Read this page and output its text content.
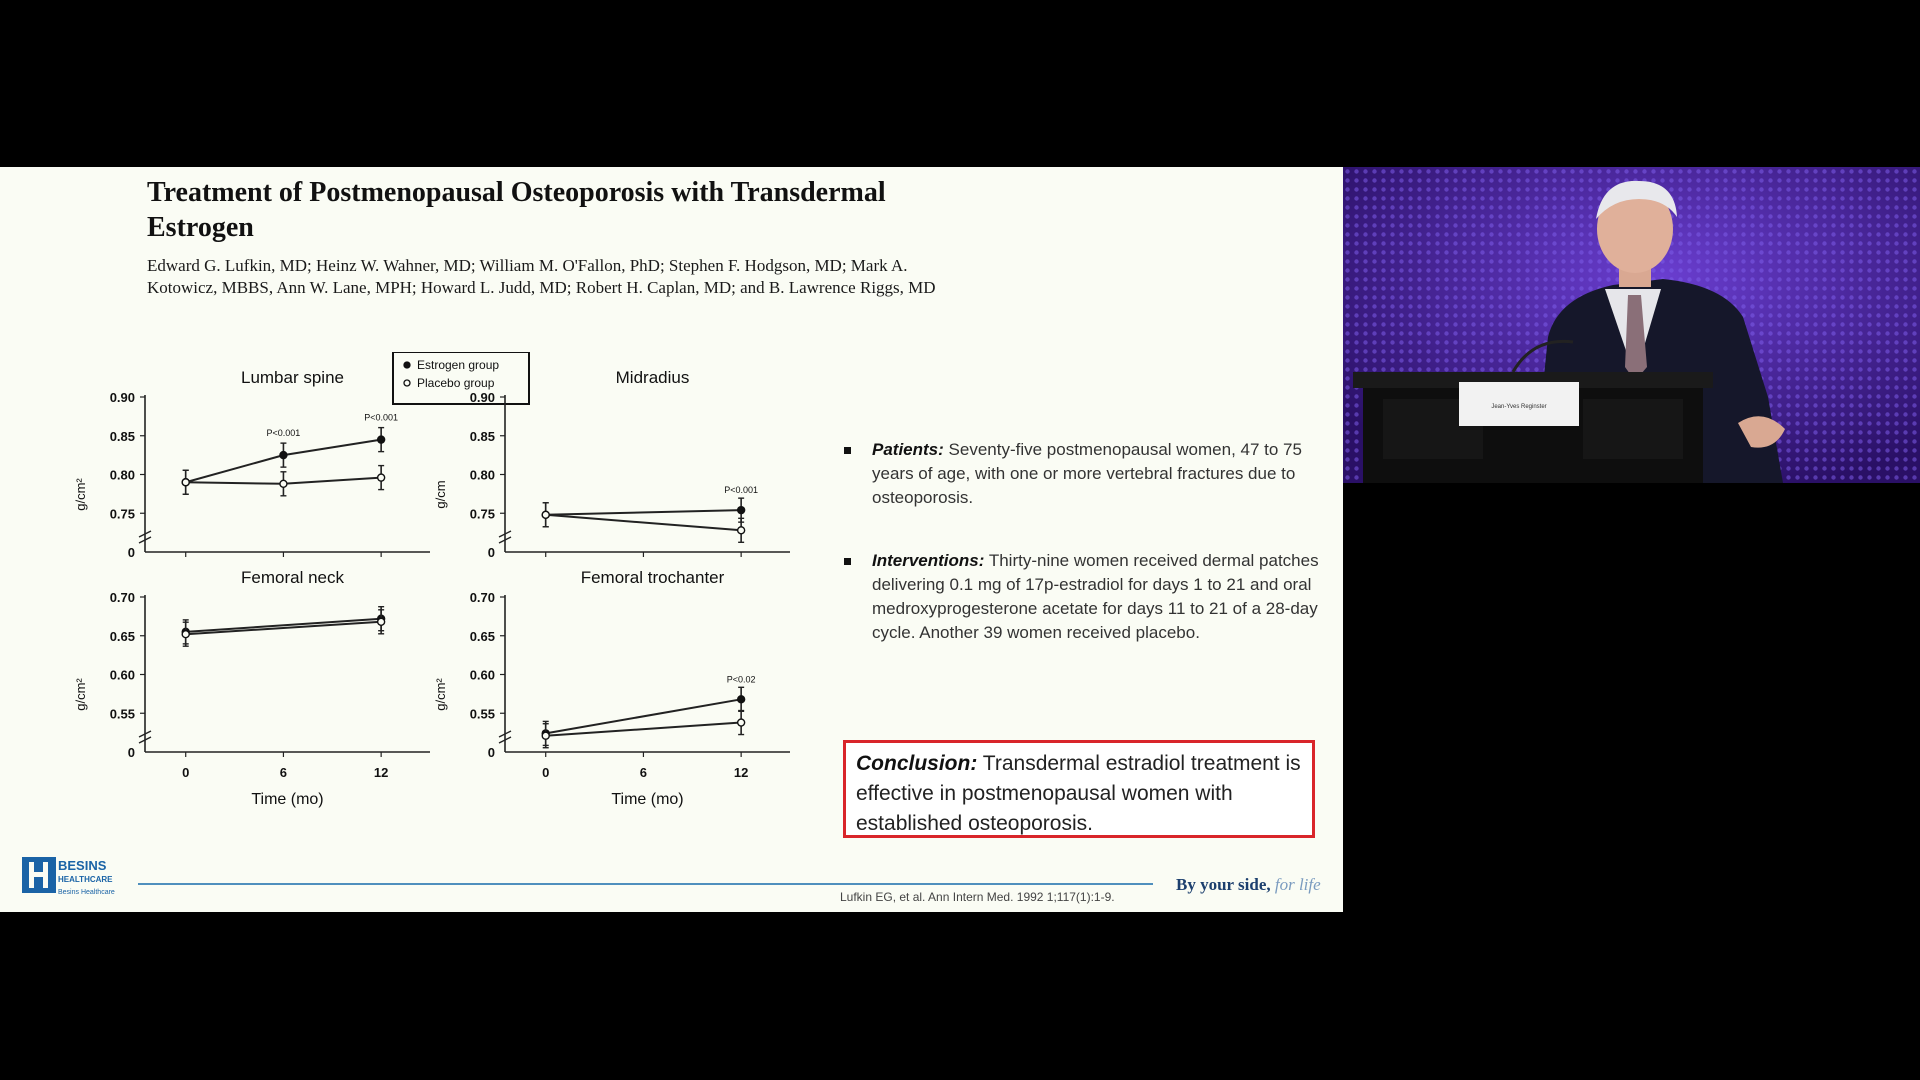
Treatment of Postmenopausal Osteoporosis with Transdermal Estrogen
Edward G. Lufkin, MD; Heinz W. Wahner, MD; William M. O'Fallon, PhD; Stephen F. Hodgson, MD; Mark A. Kotowicz, MBBS, Ann W. Lane, MPH; Howard L. Judd, MD; Robert H. Caplan, MD; and B. Lawrence Riggs, MD
Lumbar spine
0.75
0.80
0.85
0.90
0
g/cm²
P<0.001
P<0.001
Estrogen group
Placebo group	Midradius
0.75
0.80
0.85
0.90
0
g/cm	P<0.001
Femoral neck
0.55
0.60
0.65
0.70
0
g/cm²
0	6	12
Time (mo)
Femoral trochanter
0.55
0.60
0.65
0.70
0
g/cm²
0	6	12
Time (mo)
P<0.02
Patients: Seventy-five postmenopausal women, 47 to 75 years of age, with one or more vertebral fractures due to osteoporosis.
Interventions: Thirty-nine women received dermal patches delivering 0.1 mg of 17p-estradiol for days 1 to 21 and oral medroxyprogesterone acetate for days 11 to 21 of a 28-day cycle. Another 39 women received placebo.
Conclusion: Transdermal estradiol treatment is effective in postmenopausal women with established osteoporosis.
BESINS
HEALTHCARE
Besins Healthcare	Lufkin EG, et al. Ann Intern Med. 1992 1;117(1):1-9.
By your side, for life
Jean-Yves Reginster
